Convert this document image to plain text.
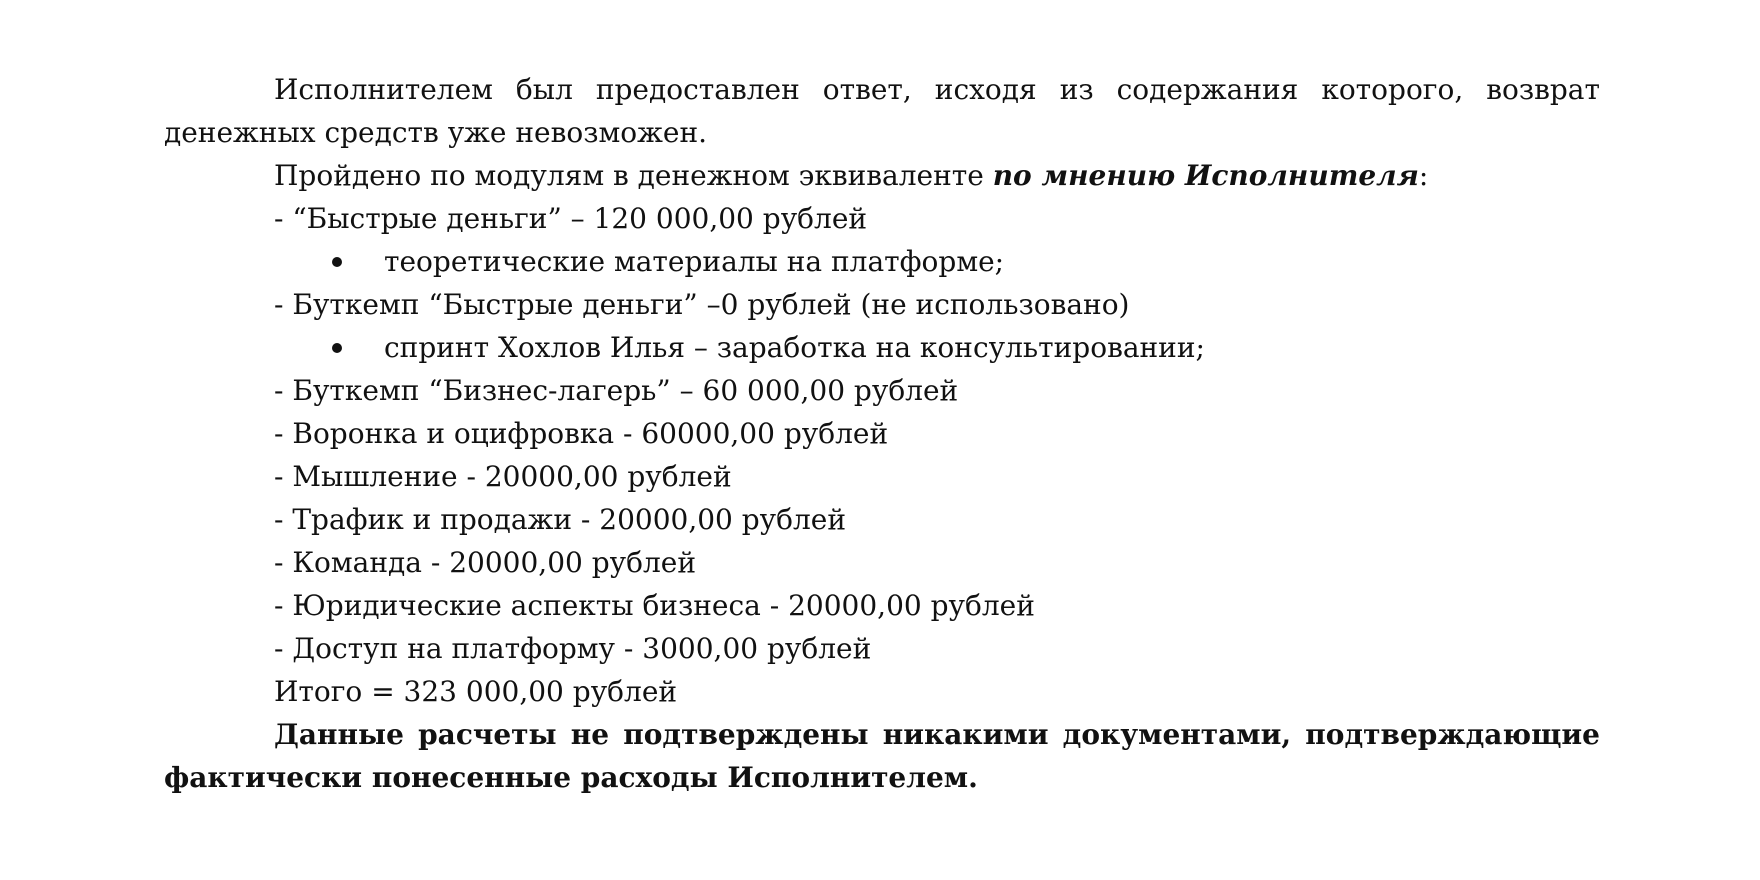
Исполнителем был предоставлен ответ, исходя из содержания которого, возврат денежных средств уже невозможен.

Пройдено по модулям в денежном эквиваленте по мнению Исполнителя:

- “Быстрые деньги” – 120 000,00 рублей

теоретические материалы на платформе;

- Буткемп “Быстрые деньги” –0 рублей (не использовано)

спринт Хохлов Илья – заработка на консультировании;

- Буткемп “Бизнес-лагерь” – 60 000,00 рублей

- Воронка и оцифровка - 60000,00 рублей

- Мышление - 20000,00 рублей

- Трафик и продажи - 20000,00 рублей

- Команда - 20000,00 рублей

- Юридические аспекты бизнеса - 20000,00 рублей

- Доступ на платформу - 3000,00 рублей

Итого = 323 000,00 рублей

Данные расчеты не подтверждены никакими документами, подтверждающие фактически понесенные расходы Исполнителем.
